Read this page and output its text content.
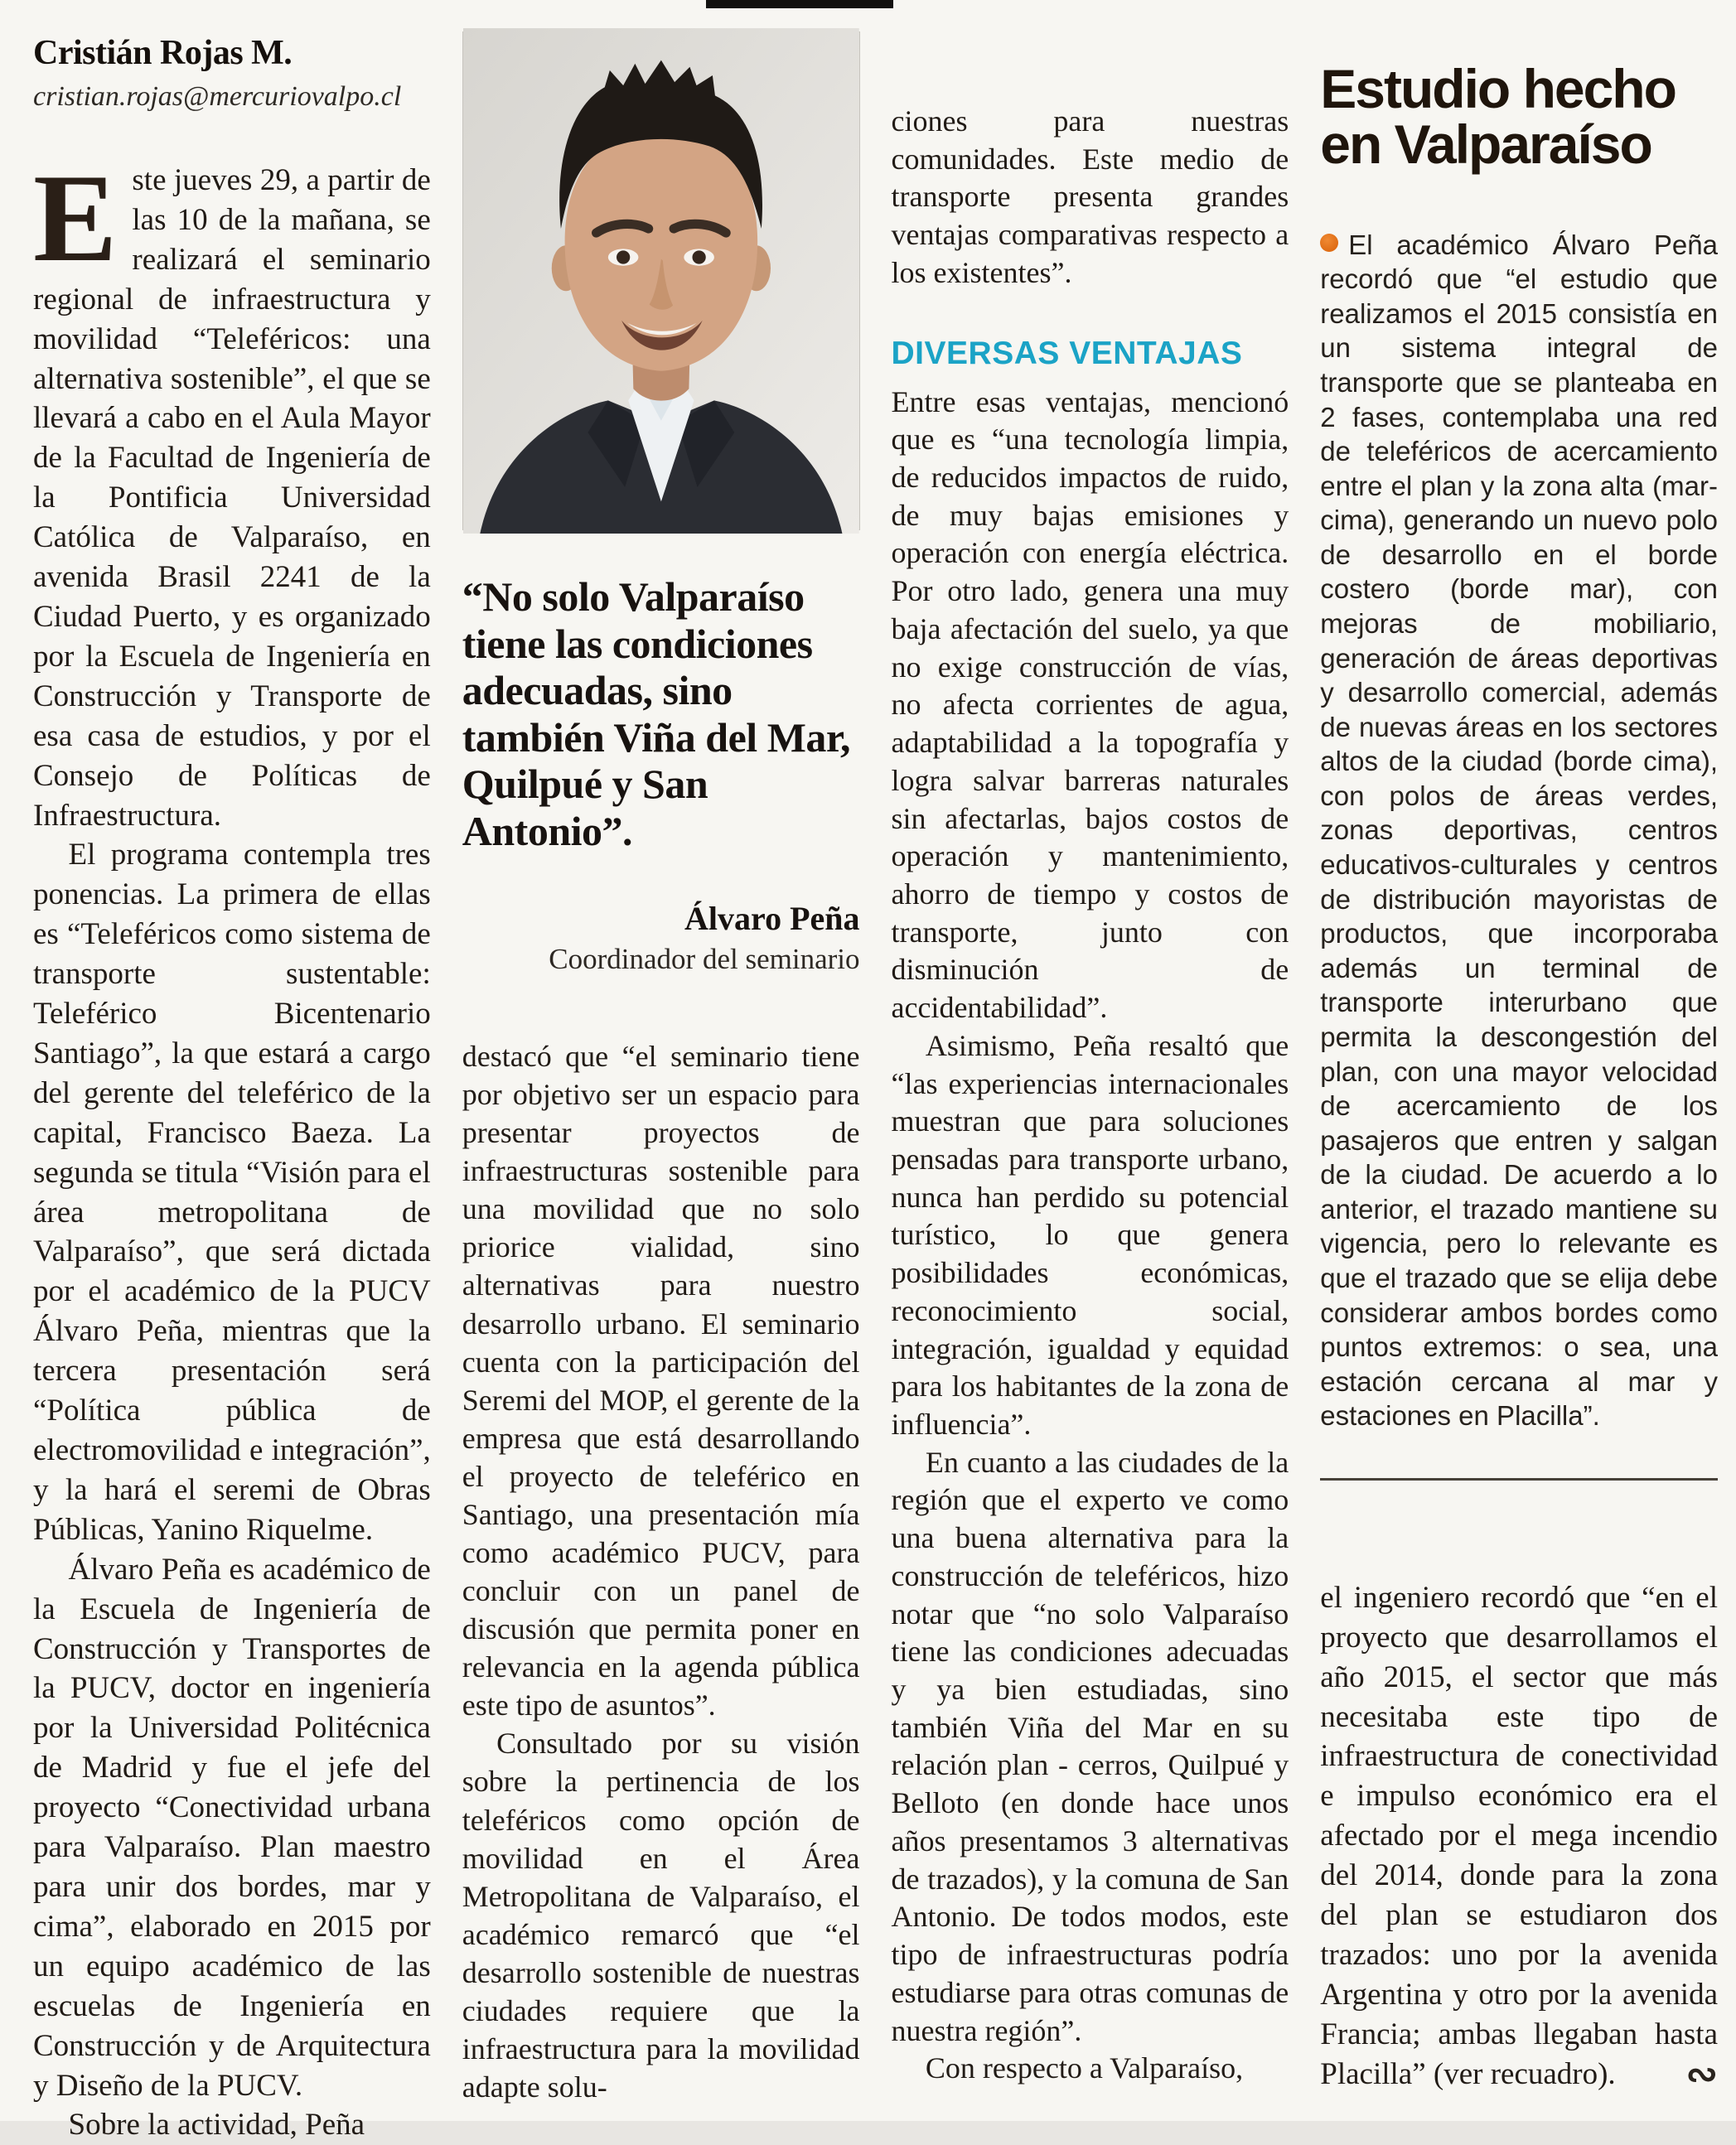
Cristián Rojas M.
cristian.rojas@mercuriovalpo.cl

Este jueves 29, a partir de las 10 de la mañana, se realizará el seminario regional de infraestructura y movilidad “Teleféricos: una alternativa sostenible”, el que se llevará a cabo en el Aula Mayor de la Facultad de Ingeniería de la Pontificia Universidad Católica de Valparaíso, en avenida Brasil 2241 de la Ciudad Puerto, y es organizado por la Escuela de Ingeniería en Construcción y Transporte de esa casa de estudios, y por el Consejo de Políticas de Infraestructura.

El programa contempla tres ponencias. La primera de ellas es “Teleféricos como sistema de transporte sustentable: Teleférico Bicentenario Santiago”, la que estará a cargo del gerente del teleférico de la capital, Francisco Baeza. La segunda se titula “Visión para el área metropolitana de Valparaíso”, que será dictada por el académico de la PUCV Álvaro Peña, mientras que la tercera presentación será “Política pública de electromovilidad e integración”, y la hará el seremi de Obras Públicas, Yanino Riquelme.

Álvaro Peña es académico de la Escuela de Ingeniería de Construcción y Transportes de la PUCV, doctor en ingeniería por la Universidad Politécnica de Madrid y fue el jefe del proyecto “Conectividad urbana para Valparaíso. Plan maestro para unir dos bordes, mar y cima”, elaborado en 2015 por un equipo académico de las escuelas de Ingeniería en Construcción y de Arquitectura y Diseño de la PUCV.

Sobre la actividad, Peña

“No solo Valparaíso tiene las condiciones adecuadas, sino también Viña del Mar, Quilpué y San Antonio”.
Álvaro Peña
Coordinador del seminario

destacó que “el seminario tiene por objetivo ser un espacio para presentar proyectos de infraestructuras sostenible para una movilidad que no solo priorice vialidad, sino alternativas para nuestro desarrollo urbano. El seminario cuenta con la participación del Seremi del MOP, el gerente de la empresa que está desarrollando el proyecto de teleférico en Santiago, una presentación mía como académico PUCV, para concluir con un panel de discusión que permita poner en relevancia en la agenda pública este tipo de asuntos”.

Consultado por su visión sobre la pertinencia de los teleféricos como opción de movilidad en el Área Metropolitana de Valparaíso, el académico remarcó que “el desarrollo sostenible de nuestras ciudades requiere que la infraestructura para la movilidad adapte solu-

ciones para nuestras comunidades. Este medio de transporte presenta grandes ventajas comparativas respecto a los existentes”.

DIVERSAS VENTAJAS

Entre esas ventajas, mencionó que es “una tecnología limpia, de reducidos impactos de ruido, de muy bajas emisiones y operación con energía eléctrica. Por otro lado, genera una muy baja afectación del suelo, ya que no exige construcción de vías, no afecta corrientes de agua, adaptabilidad a la topografía y logra salvar barreras naturales sin afectarlas, bajos costos de operación y mantenimiento, ahorro de tiempo y costos de transporte, junto con disminución de accidentabilidad”.

Asimismo, Peña resaltó que “las experiencias internacionales muestran que para soluciones pensadas para transporte urbano, nunca han perdido su potencial turístico, lo que genera posibilidades económicas, reconocimiento social, integración, igualdad y equidad para los habitantes de la zona de influencia”.

En cuanto a las ciudades de la región que el experto ve como una buena alternativa para la construcción de teleféricos, hizo notar que “no solo Valparaíso tiene las condiciones adecuadas y ya bien estudiadas, sino también Viña del Mar en su relación plan - cerros, Quilpué y Belloto (en donde hace unos años presentamos 3 alternativas de trazados), y la comuna de San Antonio. De todos modos, este tipo de infraestructuras podría estudiarse para otras comunas de nuestra región”.

Con respecto a Valparaíso,

Estudio hecho en Valparaíso

El académico Álvaro Peña recordó que “el estudio que realizamos el 2015 consistía en un sistema integral de transporte que se planteaba en 2 fases, contemplaba una red de teleféricos de acercamiento entre el plan y la zona alta (mar-cima), generando un nuevo polo de desarrollo en el borde costero (borde mar), con mejoras de mobiliario, generación de áreas deportivas y desarrollo comercial, además de nuevas áreas en los sectores altos de la ciudad (borde cima), con polos de áreas verdes, zonas deportivas, centros educativos-culturales y centros de distribución mayoristas de productos, que incorporaba además un terminal de transporte interurbano que permita la descongestión del plan, con una mayor velocidad de acercamiento de los pasajeros que entren y salgan de la ciudad. De acuerdo a lo anterior, el trazado mantiene su vigencia, pero lo relevante es que el trazado que se elija debe considerar ambos bordes como puntos extremos: o sea, una estación cercana al mar y estaciones en Placilla”.

el ingeniero recordó que “en el proyecto que desarrollamos el año 2015, el sector que más necesitaba este tipo de infraestructura de conectividad e impulso económico era el afectado por el mega incendio del 2014, donde para la zona del plan se estudiaron dos trazados: uno por la avenida Argentina y otro por la avenida Francia; ambas llegaban hasta Placilla” (ver recuadro). ∾
